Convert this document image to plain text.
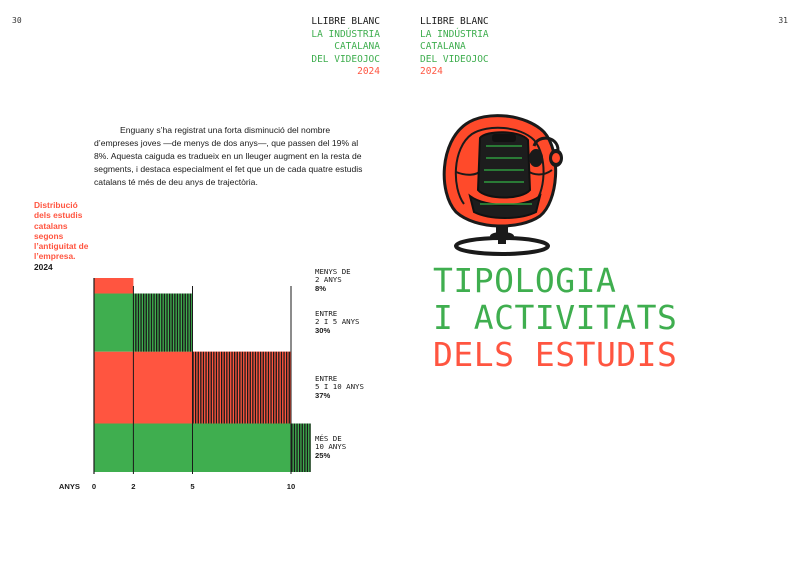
30	31
LLIBRE BLANC
LA INDÚSTRIA
CATALANA
DEL VIDEOJOC
2024
LLIBRE BLANC
LA INDÚSTRIA
CATALANA
DEL VIDEOJOC
2024
Enguany s’ha registrat una forta disminució del nombre d’empreses joves —de menys de dos anys—, que passen del 19% al 8%. Aquesta caiguda es tradueix en un lleuger augment en la resta de segments, i destaca especialment el fet que un de cada quatre estudis catalans té més de deu anys de trajectòria.
Distribució dels estudis catalans segons l’antiguitat de l’empresa.
2024
0	2	5	10
ANYS
MENYS DE
2 ANYS
8%
ENTRE
2 I 5 ANYS
30%
ENTRE
5 I 10 ANYS
37%
MÉS DE
10 ANYS
25%
TIPOLOGIA
I ACTIVITATS
DELS ESTUDIS
